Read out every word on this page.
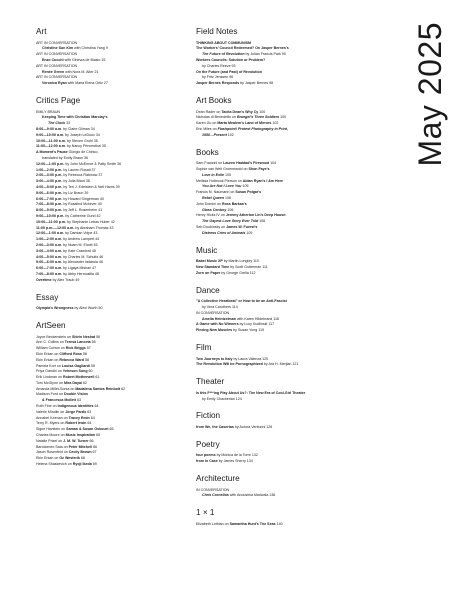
Art
ART IN CONVERSATION
Christine Sun Kim with Christina Yang 9
ART IN CONVERSATION
Enzo Cucchi with Ginevra de Biasio 15
ART IN CONVERSATION
Renée Green with Nora M. Alter 21
ART IN CONVERSATION
Veronica Ryan with Maria Elena Ortiz 27
Critics Page
EMILY BRAUN
Keeping Time with Christian Marclay's
The Clock 33
8:00—9:00 a.m. by Claire Gilman 34
9:00—10:00 a.m. by Joseph LeDoux 34
10:00—11:00 a.m. by Steven Grohl 35
11:00—12:00 a.m. by Nancy Princenthal 35
A Moment's Pause Giorgio de Chirico,
translated by Emily Braun 36
12:00—1:00 p.m. by John McEnroe & Patty Smith 36
1:00—2:00 p.m. by Lauren Rosati 37
2:00—3:00 p.m. by Rebecca Rabinow 37
3:00—4:00 p.m. by Julia Blaut 38
4:00—5:00 p.m. by Teri J. Edelstein & Neil Harris 39
5:00—6:00 p.m. by Liz Braun 39
6:00—7:00 p.m. by Howard Singerman 40
7:00—8:00 p.m. by Rosalind Mckever 40
8:00—9:00 p.m. by Jeff L. Rosenheim 41
9:00—10:00 p.m. by Catherine Gund 42
10:00—11:00 p.m. by Stephanie Lebas Huber 42
11:00 p.m.—12:00 a.m. by Abraham Thomas 43
12:00—1:00 a.m. by Damian Volpe 43
1:00—2:00 a.m. by Andrew Lampert 44
2:00—3:00 a.m. by Noam M. Elcott 45
3:00—4:00 a.m. by Kate Crawford 45
4:00—5:00 a.m. by Charles M. Schultz 46
5:00—6:00 a.m. by Alexander Iadarola 46
6:00—7:00 a.m. by Ligaya Mishan 47
7:00—8:00 a.m. by Abby Hermosilla 48
Overtime by Alex Traub 49
Essay
Olympia's Wrongness by Alexi Worth 50
ArtSeen
Joyce Beckenstein on Shirin Neshat 56
Ann C. Collins on Teresa Lanceta 56
William Corwin on Rick Briggs 57
Ekin Erkan on Clifford Ross 58
Ekin Erkan on Rebecca Ward 58
Pamela Kort on Louisa Gagliardi 59
Priya Gandhi on Yeheson Song 60
Erik Lindman on Robert Motherwell 61
Tom McGlynn on Mira Dayal 62
Amanda Millet-Sorsa on Madalena Santos Reinbolt 62
Madison Ford on Double Vision
& Francesca Mollett 63
Ruth Fine on Indigenous Identities 64
Valerie Mindlin on Jorge Pardo 63
Annabel Keenan on Tracey Emin 64
Terry R. Myers on Robert Irwin 64
Signe Havstein on Saman & Susan Oskouei 65
Charles Moore on Music Inspiration 65
Natalie Prizel on J. M. W. Turner 66
Bartolomeo Saia on Peter Mitchell 66
Jason Rosenfeld on Cecily Brown 67
Ekin Erkan on Oz Westerik 68
Helena Shaskevich on Ryoji Ikeda 69
Field Notes
THINKING ABOUT COMMUNISM
The Workers' Council Redeemed? On Jasper Bernes's
The Future of Revolution by Julian Francis Park 90
Workers Councils: Solution or Problem?
by Charles Reeve 93
On the Future (and Past) of Revolution
by Fritz Jenssén 96
Jasper Bernes Responds by Jasper Bernes 98
Art Books
Dean Rader on Tacita Dean's Why Cy 100
Nicholas di Benedetto on Bruegel's Three Soldiers 100
Karen Gu on Marta Mealem's Land of Mirrors 102
Eric Miles on Flashpoint! Protest Photography in Print,
1950—Present 102
Books
Sam Franzini on Lauren Haddad's Firewood 104
Sophie van Welt Groenewold on Shon Faye's
Love in Exile 105
Melissa Holbrook Pierson on Aidan Ryan's I Am Here
You Are Not I Love You 105
Francis M. Naumann on Susan Polgar's
Rebel Queen 106
John Domini on Ross Barkan's
Glass Century 106
Henry Hicks IV on Jeremy Atherton Lin's Deep House:
The Gayest Love Story Ever Told 108
Seb Doubinsky on James W. Fuerst's
Distress Cries of Animals 109
Music
Babel Music XP by Martin Longley 110
New Standard Time by Scott Gutterman 111
Zorn on Paper by George Grella 112
Dance
"A Collective Heartbeat" or How to be an Anti-Fascist
by Vera Carothers 114
IN CONVERSATION
Amelia Heintzelman with Karen Hildebrand 116
A Game with No Winners by Lucy Kudlinski 117
Flexing New Muscles by Susan Yung 119
Film
Two Journeys to Italy by Laura Valenza 120
The Revolution Will be Pornographized by Ara H. Merjian 121
Theater
Is this F***ing Play About Us?: The New Era of Cool-Girl Theater
by Emily Chackerian 124
Fiction
from We, the Casertas by Aurora Venturini 126
Poetry
four poems by Mónica de la Torre 132
from In Case by James Sherry 134
Architecture
IN CONVERSATION
Chris Cornelius with Anoushka Mariwala 136
1 × 1
Elizabeth Lothian on Samantha Hunt's The Seas 140
May 2025
